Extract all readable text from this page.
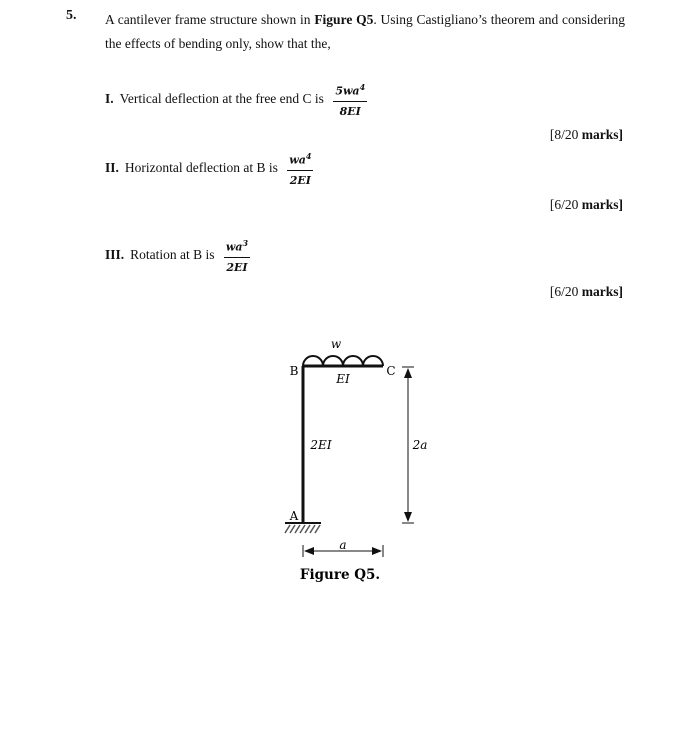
5. A cantilever frame structure shown in Figure Q5. Using Castigliano’s theorem and considering the effects of bending only, show that the,
I. Vertical deflection at the free end C is $\frac{5wa^4}{8EI}$
[8/20 marks]
II. Horizontal deflection at B is $\frac{wa^4}{2EI}$
[6/20 marks]
III. Rotation at B is $\frac{wa^3}{2EI}$
[6/20 marks]
w
EI
2EI	2a
a
B	C
A
Figure Q5.
